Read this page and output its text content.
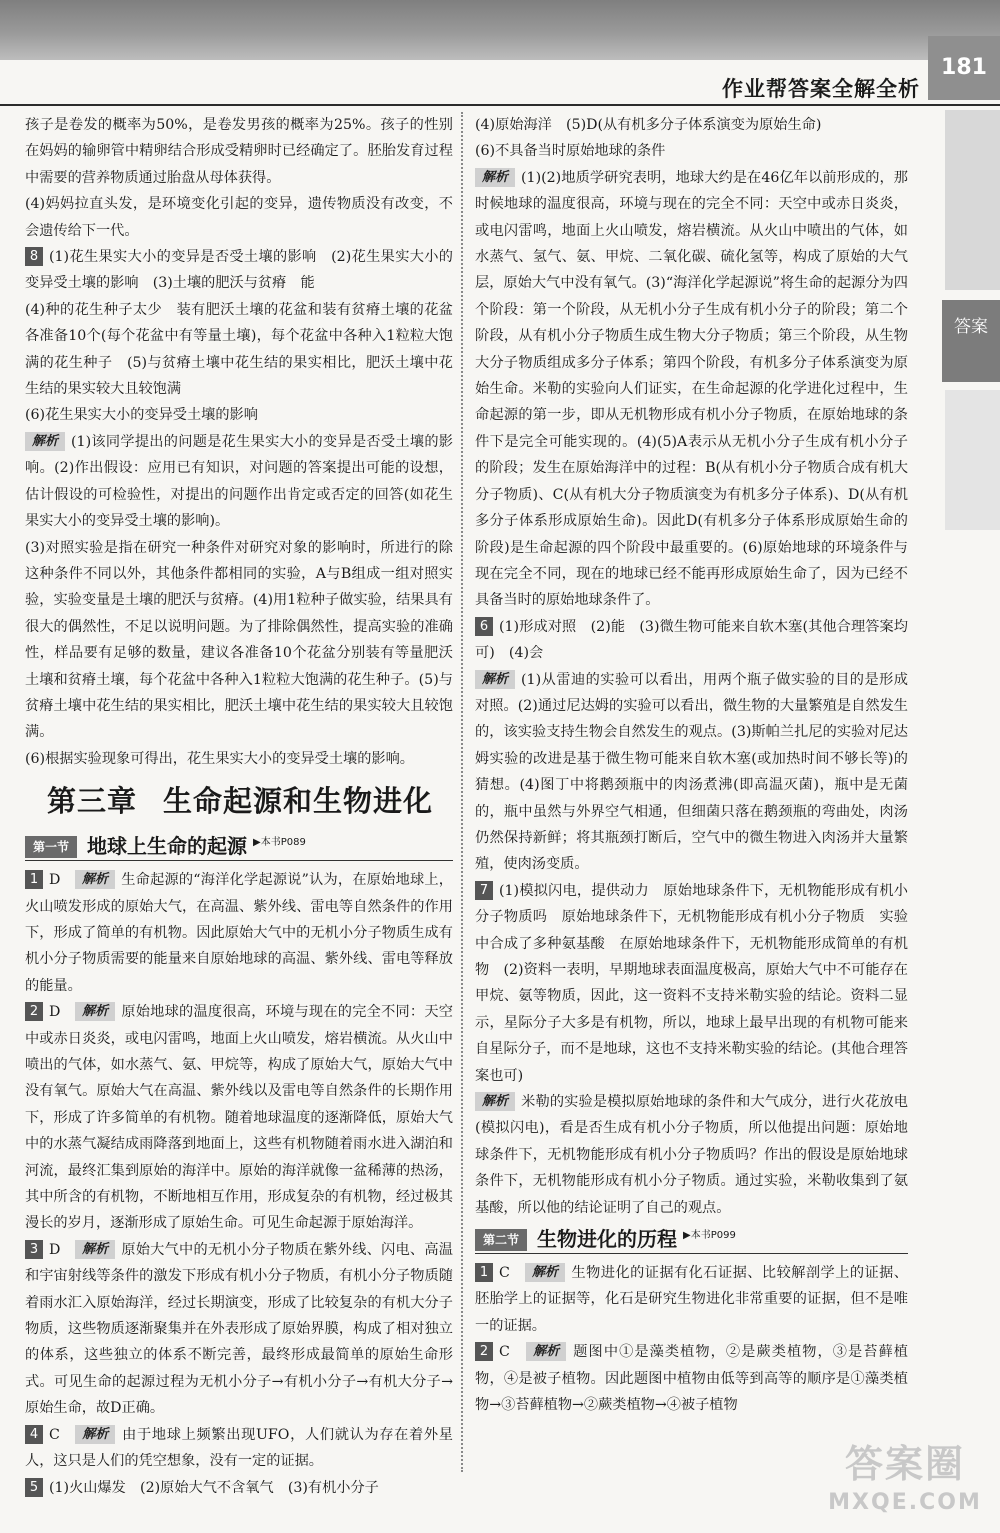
作业帮答案全解全析
181
答案

孩子是卷发的概率为50%，是卷发男孩的概率为25%。孩子的性别在妈妈的输卵管中精卵结合形成受精卵时已经确定了。胚胎发育过程中需要的营养物质通过胎盘从母体获得。

(4)妈妈拉直头发，是环境变化引起的变异，遗传物质没有改变，不会遗传给下一代。

8 (1)花生果实大小的变异是否受土壤的影响　(2)花生果实大小的变异受土壤的影响　(3)土壤的肥沃与贫瘠　能

(4)种的花生种子太少　装有肥沃土壤的花盆和装有贫瘠土壤的花盆各准备10个(每个花盆中有等量土壤)，每个花盆中各种入1粒粒大饱满的花生种子　(5)与贫瘠土壤中花生结的果实相比，肥沃土壤中花生结的果实较大且较饱满

(6)花生果实大小的变异受土壤的影响

解析 (1)该同学提出的问题是花生果实大小的变异是否受土壤的影响。(2)作出假设：应用已有知识，对问题的答案提出可能的设想，估计假设的可检验性，对提出的问题作出肯定或否定的回答(如花生果实大小的变异受土壤的影响)。

(3)对照实验是指在研究一种条件对研究对象的影响时，所进行的除这种条件不同以外，其他条件都相同的实验，A与B组成一组对照实验，实验变量是土壤的肥沃与贫瘠。(4)用1粒种子做实验，结果具有很大的偶然性，不足以说明问题。为了排除偶然性，提高实验的准确性，样品要有足够的数量，建议各准备10个花盆分别装有等量肥沃土壤和贫瘠土壤，每个花盆中各种入1粒粒大饱满的花生种子。(5)与贫瘠土壤中花生结的果实相比，肥沃土壤中花生结的果实较大且较饱满。

(6)根据实验现象可得出，花生果实大小的变异受土壤的影响。

第三章 生命起源和生物进化
第一节 地球上生命的起源 ▶本书P089

1 D　 解析 生命起源的“海洋化学起源说”认为，在原始地球上，火山喷发形成的原始大气，在高温、紫外线、雷电等自然条件的作用下，形成了简单的有机物。因此原始大气中的无机小分子物质生成有机小分子物质需要的能量来自原始地球的高温、紫外线、雷电等释放的能量。

2 D　 解析 原始地球的温度很高，环境与现在的完全不同：天空中或赤日炎炎，或电闪雷鸣，地面上火山喷发，熔岩横流。从火山中喷出的气体，如水蒸气、氨、甲烷等，构成了原始大气，原始大气中没有氧气。原始大气在高温、紫外线以及雷电等自然条件的长期作用下，形成了许多简单的有机物。随着地球温度的逐渐降低，原始大气中的水蒸气凝结成雨降落到地面上，这些有机物随着雨水进入湖泊和河流，最终汇集到原始的海洋中。原始的海洋就像一盆稀薄的热汤，其中所含的有机物，不断地相互作用，形成复杂的有机物，经过极其漫长的岁月，逐渐形成了原始生命。可见生命起源于原始海洋。

3 D　 解析 原始大气中的无机小分子物质在紫外线、闪电、高温和宇宙射线等条件的激发下形成有机小分子物质，有机小分子物质随着雨水汇入原始海洋，经过长期演变，形成了比较复杂的有机大分子物质，这些物质逐渐聚集并在外表形成了原始界膜，构成了相对独立的体系，这些独立的体系不断完善，最终形成最简单的原始生命形式。可见生命的起源过程为无机小分子→有机小分子→有机大分子→原始生命，故D正确。

4 C　 解析 由于地球上频繁出现UFO，人们就认为存在着外星人，这只是人们的凭空想象，没有一定的证据。

5 (1)火山爆发　(2)原始大气不含氧气　(3)有机小分子

(4)原始海洋　(5)D(从有机多分子体系演变为原始生命)

(6)不具备当时原始地球的条件

解析 (1)(2)地质学研究表明，地球大约是在46亿年以前形成的，那时候地球的温度很高，环境与现在的完全不同：天空中或赤日炎炎，或电闪雷鸣，地面上火山喷发，熔岩横流。从火山中喷出的气体，如水蒸气、氢气、氨、甲烷、二氧化碳、硫化氢等，构成了原始的大气层，原始大气中没有氧气。(3)“海洋化学起源说”将生命的起源分为四个阶段：第一个阶段，从无机小分子生成有机小分子的阶段；第二个阶段，从有机小分子物质生成生物大分子物质；第三个阶段，从生物大分子物质组成多分子体系；第四个阶段，有机多分子体系演变为原始生命。米勒的实验向人们证实，在生命起源的化学进化过程中，生命起源的第一步，即从无机物形成有机小分子物质，在原始地球的条件下是完全可能实现的。(4)(5)A表示从无机小分子生成有机小分子的阶段；发生在原始海洋中的过程：B(从有机小分子物质合成有机大分子物质)、C(从有机大分子物质演变为有机多分子体系)、D(从有机多分子体系形成原始生命)。因此D(有机多分子体系形成原始生命的阶段)是生命起源的四个阶段中最重要的。(6)原始地球的环境条件与现在完全不同，现在的地球已经不能再形成原始生命了，因为已经不具备当时的原始地球条件了。

6 (1)形成对照　(2)能　(3)微生物可能来自软木塞(其他合理答案均可)　(4)会

解析 (1)从雷迪的实验可以看出，用两个瓶子做实验的目的是形成对照。(2)通过尼达姆的实验可以看出，微生物的大量繁殖是自然发生的，该实验支持生物会自然发生的观点。(3)斯帕兰扎尼的实验对尼达姆实验的改进是基于微生物可能来自软木塞(或加热时间不够长等)的猜想。(4)图丁中将鹅颈瓶中的肉汤煮沸(即高温灭菌)，瓶中是无菌的，瓶中虽然与外界空气相通，但细菌只落在鹅颈瓶的弯曲处，肉汤仍然保持新鲜；将其瓶颈打断后，空气中的微生物进入肉汤并大量繁殖，使肉汤变质。

7 (1)模拟闪电，提供动力　原始地球条件下，无机物能形成有机小分子物质吗　原始地球条件下，无机物能形成有机小分子物质　实验中合成了多种氨基酸　在原始地球条件下，无机物能形成简单的有机物　(2)资料一表明，早期地球表面温度极高，原始大气中不可能存在甲烷、氨等物质，因此，这一资料不支持米勒实验的结论。资料二显示，星际分子大多是有机物，所以，地球上最早出现的有机物可能来自星际分子，而不是地球，这也不支持米勒实验的结论。(其他合理答案也可)

解析 米勒的实验是模拟原始地球的条件和大气成分，进行火花放电(模拟闪电)，看是否生成有机小分子物质，所以他提出问题：原始地球条件下，无机物能形成有机小分子物质吗？作出的假设是原始地球条件下，无机物能形成有机小分子物质。通过实验，米勒收集到了氨基酸，所以他的结论证明了自己的观点。

第二节 生物进化的历程 ▶本书P099

1 C　 解析 生物进化的证据有化石证据、比较解剖学上的证据、胚胎学上的证据等，化石是研究生物进化非常重要的证据，但不是唯一的证据。

2 C　 解析 题图中①是藻类植物，②是蕨类植物，③是苔藓植物，④是被子植物。因此题图中植物由低等到高等的顺序是①藻类植物→③苔藓植物→②蕨类植物→④被子植物

答案圈
MXQE.COM
